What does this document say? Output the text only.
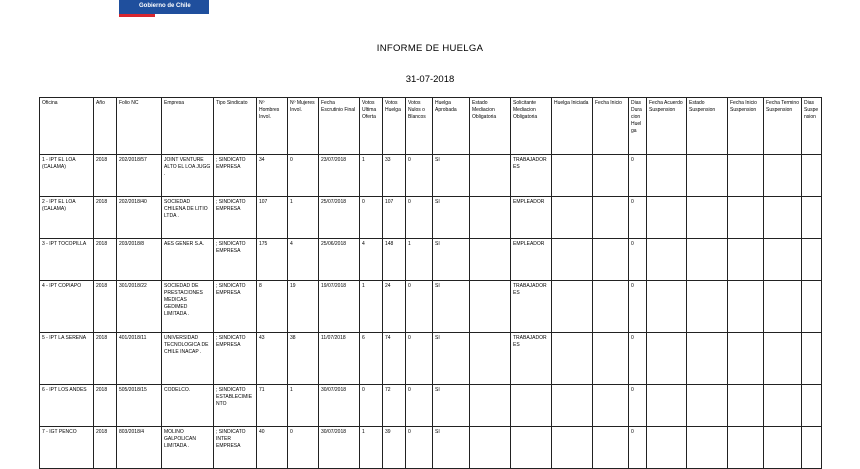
Gobierno de Chile
INFORME DE HUELGA
31-07-2018
Oficina	Año	Folio NC	Empresa	Tipo Sindicato	Nº Hombres Invol.	Nº Mujeres Invol.	Fecha Escrutinio Final	Votos Ultima Oferta	Votos Huelga	Votos Nulos o Blancos	Huelga Aprobada	Estado Mediacion Obligatoria	Solicitante Mediacion Obligatoria	Huelga Iniciada	Fecha Inicio	Dias Duracion Huelga	Fecha Acuerdo Suspension	Estado Suspension	Fecha Inicio Suspension	Fecha Termino Suspension	Dias Suspension
1 - IPT EL LOA (CALAMA)	2018	202/2018/57	JOINT VENTURE ALTO EL LOA JUGG .	; SINDICATO EMPRESA	34	0	23/07/2018	1	33	0	SI		TRABAJADORES			0					
2 - IPT EL LOA (CALAMA)	2018	202/2018/40	SOCIEDAD CHILENA DE LITIO LTDA .	; SINDICATO EMPRESA	107	1	25/07/2018	0	107	0	SI		EMPLEADOR			0					
3 - IPT TOCOPILLA	2018	203/2018/8	AES GENER S.A.	; SINDICATO EMPRESA	175	4	25/06/2018	4	148	1	SI		EMPLEADOR			0					
4 - IPT COPIAPO	2018	301/2018/22	SOCIEDAD DE PRESTACIONES MEDICAS GEDIMED LIMITADA .	; SINDICATO EMPRESA	8	19	19/07/2018	1	24	0	SI		TRABAJADORES			0					
5 - IPT LA SERENA	2018	401/2018/11	UNIVERSIDAD TECNOLOGICA DE CHILE INACAP .	; SINDICATO EMPRESA	43	38	11/07/2018	6	74	0	SI		TRABAJADORES			0					
6 - IPT LOS ANDES	2018	505/2018/15	CODELCO.	; SINDICATO ESTABLECIMIENTO	71	1	30/07/2018	0	72	0	SI					0					
7 - IGT PENCO	2018	803/2018/4	MOLINO GALPOLICAN LIMITADA .	; SINDICATO INTER EMPRESA	40	0	30/07/2018	1	39	0	SI					0					
